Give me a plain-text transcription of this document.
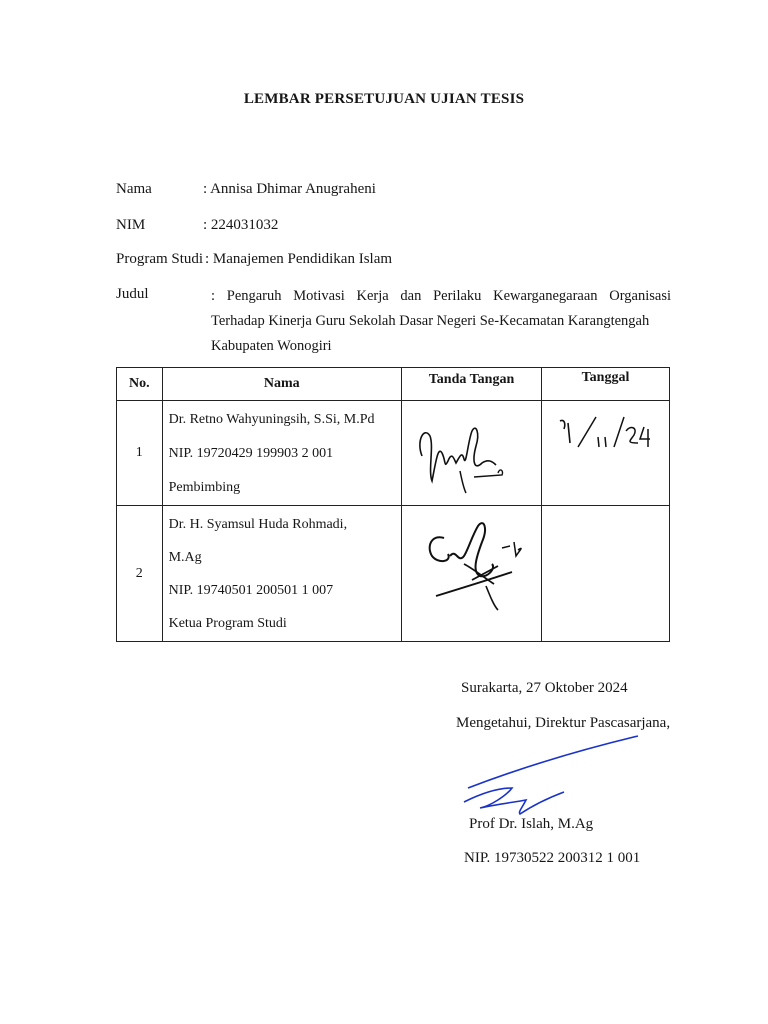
LEMBAR PERSETUJUAN UJIAN TESIS
Nama	: Annisa Dhimar Anugraheni
NIM	: 224031032
Program Studi : Manajemen Pendidikan Islam
Judul	: Pengaruh Motivasi Kerja dan Perilaku Kewarganegaraan Organisasi
Terhadap Kinerja Guru Sekolah Dasar Negeri Se-Kecamatan Karangtengah
Kabupaten Wonogiri
No.	Nama	Tanda Tangan	Tanggal
1	Dr. Retno Wahyuningsih, S.Si, M.Pd
NIP. 19720429 199903 2 001
Pembimbing

2	Dr. H. Syamsul Huda Rohmadi,
M.Ag
NIP. 19740501 200501 1 007
Ketua Program Studi

Surakarta, 27 Oktober 2024
Mengetahui, Direktur Pascasarjana,
Prof Dr. Islah, M.Ag
NIP. 19730522 200312 1 001
